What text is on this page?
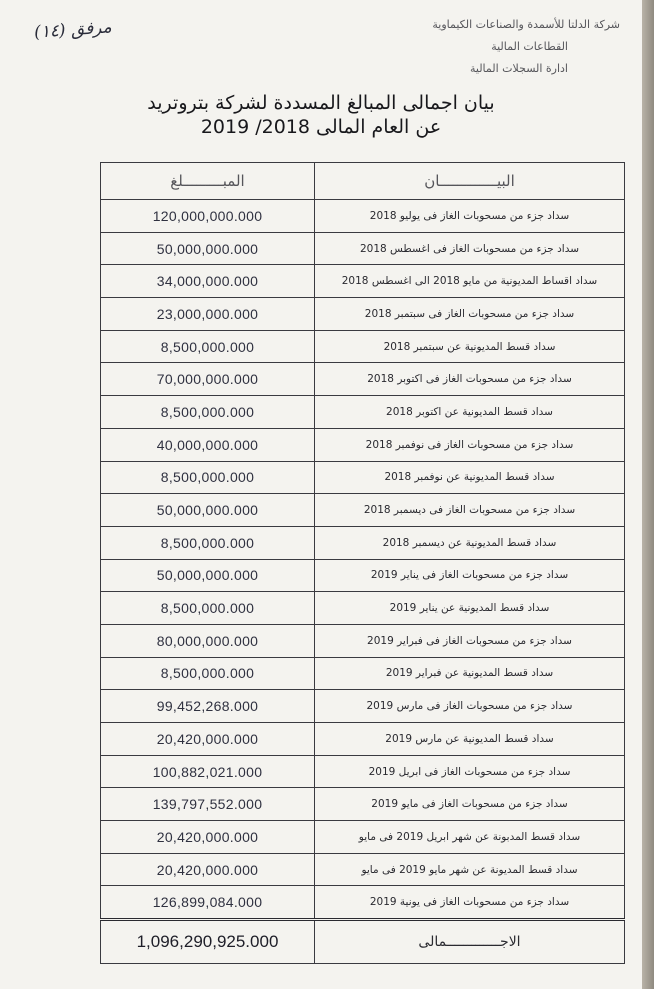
شركة الدلتا للأسمدة والصناعات الكيماوية
القطاعات المالية
ادارة السجلات المالية
مرفق (١٤)
بيان اجمالى المبالغ المسددة لشركة بتروتريد
عن العام المالى 2018/ 2019
البيـــــــــــــان	المبـــــــــلغ
سداد جزء من مسحوبات الغاز فى يوليو 2018	120,000,000.000
سداد جزء من مسحوبات الغاز فى اغسطس 2018	50,000,000.000
سداد اقساط المديونية من مايو 2018 الى اغسطس 2018	34,000,000.000
سداد جزء من مسحوبات الغاز فى سبتمبر 2018	23,000,000.000
سداد قسط المديونية عن سبتمبر 2018	8,500,000.000
سداد جزء من مسحوبات الغاز فى اكتوبر 2018	70,000,000.000
سداد قسط المديونية عن اكتوبر 2018	8,500,000.000
سداد جزء من مسحوبات الغاز فى نوفمبر 2018	40,000,000.000
سداد قسط المديونية عن نوفمبر 2018	8,500,000.000
سداد جزء من مسحوبات الغاز فى ديسمبر 2018	50,000,000.000
سداد قسط المديونية عن ديسمبر 2018	8,500,000.000
سداد جزء من مسحوبات الغاز فى يناير 2019	50,000,000.000
سداد قسط المديونية عن يناير 2019	8,500,000.000
سداد جزء من مسحوبات الغاز فى فبراير 2019	80,000,000.000
سداد قسط المديونية عن فبراير 2019	8,500,000.000
سداد جزء من مسحوبات الغاز فى مارس 2019	99,452,268.000
سداد قسط المديونية عن مارس 2019	20,420,000.000
سداد جزء من مسحوبات الغاز فى ابريل 2019	100,882,021.000
سداد جزء من مسحوبات الغاز فى مايو 2019	139,797,552.000
سداد قسط المدبونة عن شهر ابريل 2019 فى مايو	20,420,000.000
سداد قسط المديونة عن شهر مايو 2019 فى مايو	20,420,000.000
سداد جزء من مسحوبات الغاز فى يونية 2019	126,899,084.000
الاجـــــــــــــمالى	1,096,290,925.000
